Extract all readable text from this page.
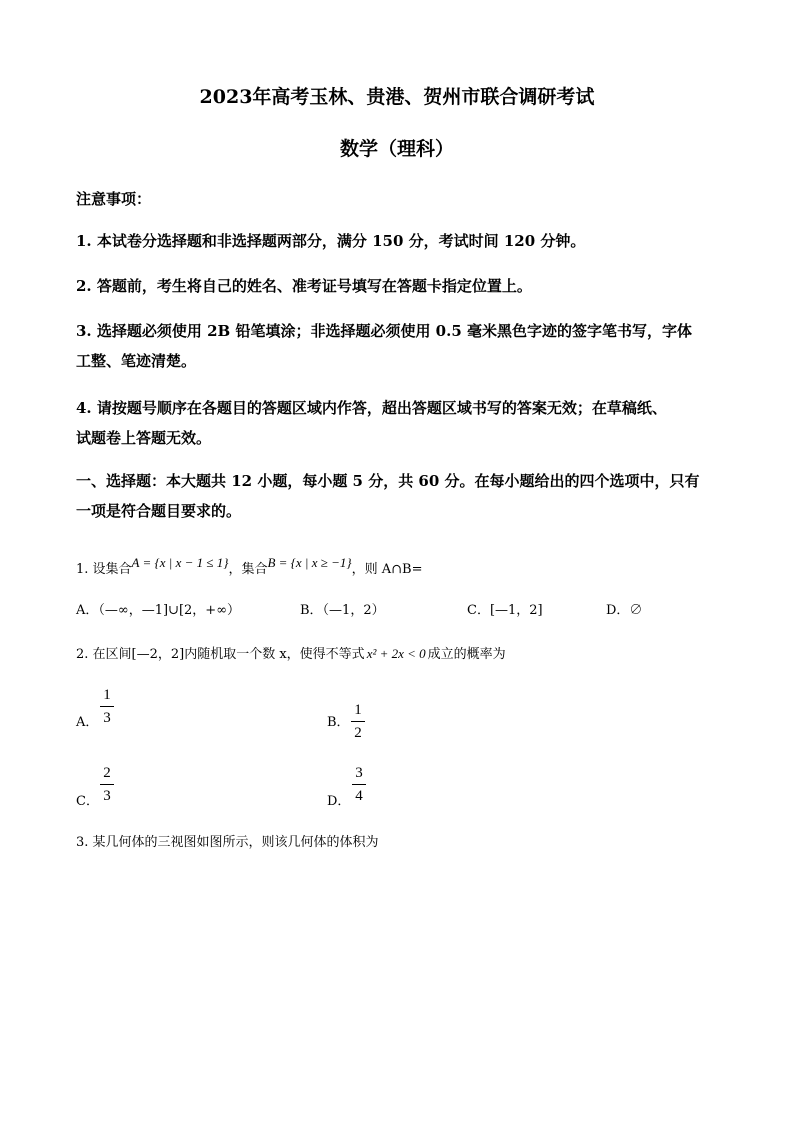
2023年高考玉林、贵港、贺州市联合调研考试
数学（理科）
注意事项：
1. 本试卷分选择题和非选择题两部分，满分 150 分，考试时间 120 分钟。
2. 答题前，考生将自己的姓名、准考证号填写在答题卡指定位置上。
3. 选择题必须使用 2B 铅笔填涂；非选择题必须使用 0.5 毫米黑色字迹的签字笔书写，字体
工整、笔迹清楚。
4. 请按题号顺序在各题目的答题区域内作答，超出答题区域书写的答案无效；在草稿纸、
试题卷上答题无效。
一、选择题：本大题共 12 小题，每小题 5 分，共 60 分。在每小题给出的四个选项中，只有
一项是符合题目要求的。
1. 设集合A = {x | x − 1 ≤ 1}，集合B = {x | x ≥ −1}，则 A∩B=
A．（—∞，—1]∪[2，+∞）	B．（—1，2）	C．[—1，2]	D．∅
2. 在区间[—2，2]内随机取一个数 x，使得不等式 x² + 2x < 0 成立的概率为
A．
1
3	B．
1
2
C．
2
3	D．
3
4
3. 某几何体的三视图如图所示，则该几何体的体积为
